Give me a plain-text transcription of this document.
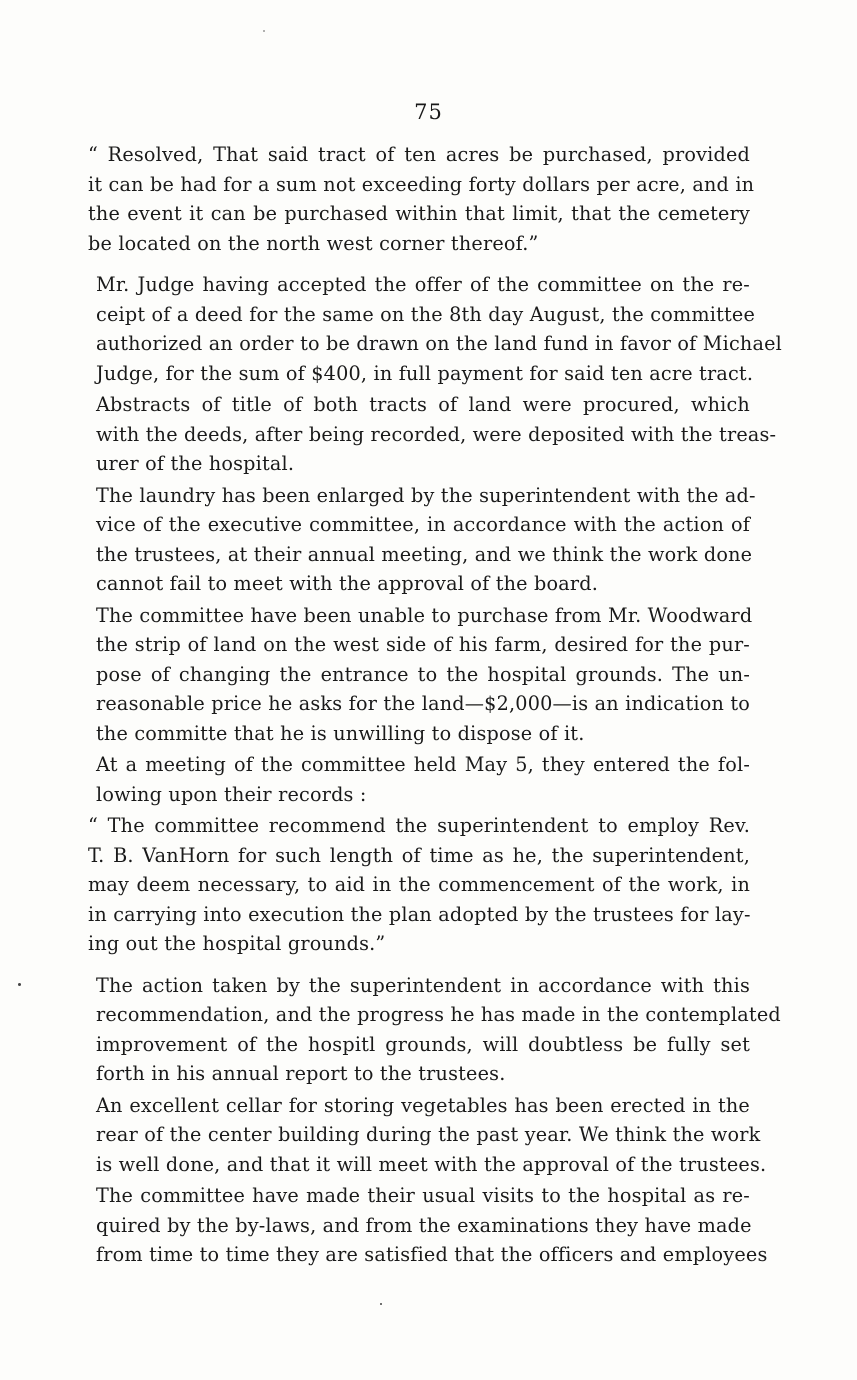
75

“ Resolved, That said tract of ten acres be purchased, provided
it can be had for a sum not exceeding forty dollars per acre, and in
the event it can be purchased within that limit, that the cemetery
be located on the north west corner thereof.”

Mr. Judge having accepted the offer of the committee on the re-
ceipt of a deed for the same on the 8th day August, the committee
authorized an order to be drawn on the land fund in favor of Michael
Judge, for the sum of $400, in full payment for said ten acre tract.

Abstracts of title of both tracts of land were procured, which
with the deeds, after being recorded, were deposited with the treas-
urer of the hospital.

The laundry has been enlarged by the superintendent with the ad-
vice of the executive committee, in accordance with the action of
the trustees, at their annual meeting, and we think the work done
cannot fail to meet with the approval of the board.

The committee have been unable to purchase from Mr. Woodward
the strip of land on the west side of his farm, desired for the pur-
pose of changing the entrance to the hospital grounds. The un-
reasonable price he asks for the land—$2,000—is an indication to
the committe that he is unwilling to dispose of it.

At a meeting of the committee held May 5, they entered the fol-
lowing upon their records :

“ The committee recommend the superintendent to employ Rev.
T. B. VanHorn for such length of time as he, the superintendent,
may deem necessary, to aid in the commencement of the work, in
in carrying into execution the plan adopted by the trustees for lay-
ing out the hospital grounds.”

The action taken by the superintendent in accordance with this
recommendation, and the progress he has made in the contemplated
improvement of the hospitl grounds, will doubtless be fully set
forth in his annual report to the trustees.

An excellent cellar for storing vegetables has been erected in the
rear of the center building during the past year. We think the work
is well done, and that it will meet with the approval of the trustees.

The committee have made their usual visits to the hospital as re-
quired by the by-laws, and from the examinations they have made
from time to time they are satisfied that the officers and employees
